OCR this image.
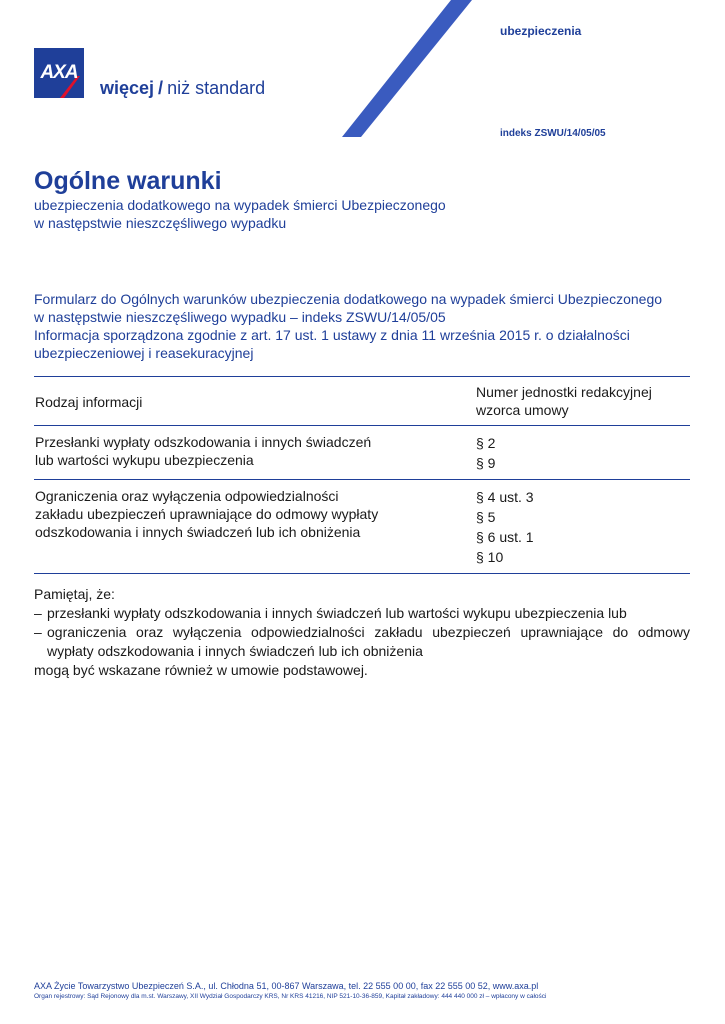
AXA
więcej / niż standard
ubezpieczenia
indeks ZSWU/14/05/05
Ogólne warunki
ubezpieczenia dodatkowego na wypadek śmierci Ubezpieczonego
w następstwie nieszczęśliwego wypadku

Formularz do Ogólnych warunków ubezpieczenia dodatkowego na wypadek śmierci Ubezpieczonego

w następstwie nieszczęśliwego wypadku – indeks ZSWU/14/05/05

Informacja sporządzona zgodnie z art. 17 ust. 1 ustawy z dnia 11 września 2015 r. o działalności

ubezpieczeniowej i reasekuracyjnej

Rodzaj informacji
Numer jednostki redakcyjnej
wzorca umowy
Przesłanki wypłaty odszkodowania i innych świadczeń
lub wartości wykupu ubezpieczenia
§ 2
§ 9
Ograniczenia oraz wyłączenia odpowiedzialności
zakładu ubezpieczeń uprawniające do odmowy wypłaty
odszkodowania i innych świadczeń lub ich obniżenia
§ 4 ust. 3
§ 5
§ 6 ust. 1
§ 10

Pamiętaj, że:

– przesłanki wypłaty odszkodowania i innych świadczeń lub wartości wykupu ubezpieczenia lub
– ograniczenia oraz wyłączenia odpowiedzialności zakładu ubezpieczeń uprawniające do odmowy wypłaty odszkodowania i innych świadczeń lub ich obniżenia

mogą być wskazane również w umowie podstawowej.

AXA Życie Towarzystwo Ubezpieczeń S.A., ul. Chłodna 51, 00-867 Warszawa, tel. 22 555 00 00, fax 22 555 00 52, www.axa.pl
Organ rejestrowy: Sąd Rejonowy dla m.st. Warszawy, XII Wydział Gospodarczy KRS, Nr KRS 41216, NIP 521-10-36-859, Kapitał zakładowy: 444 440 000 zł – wpłacony w całości
